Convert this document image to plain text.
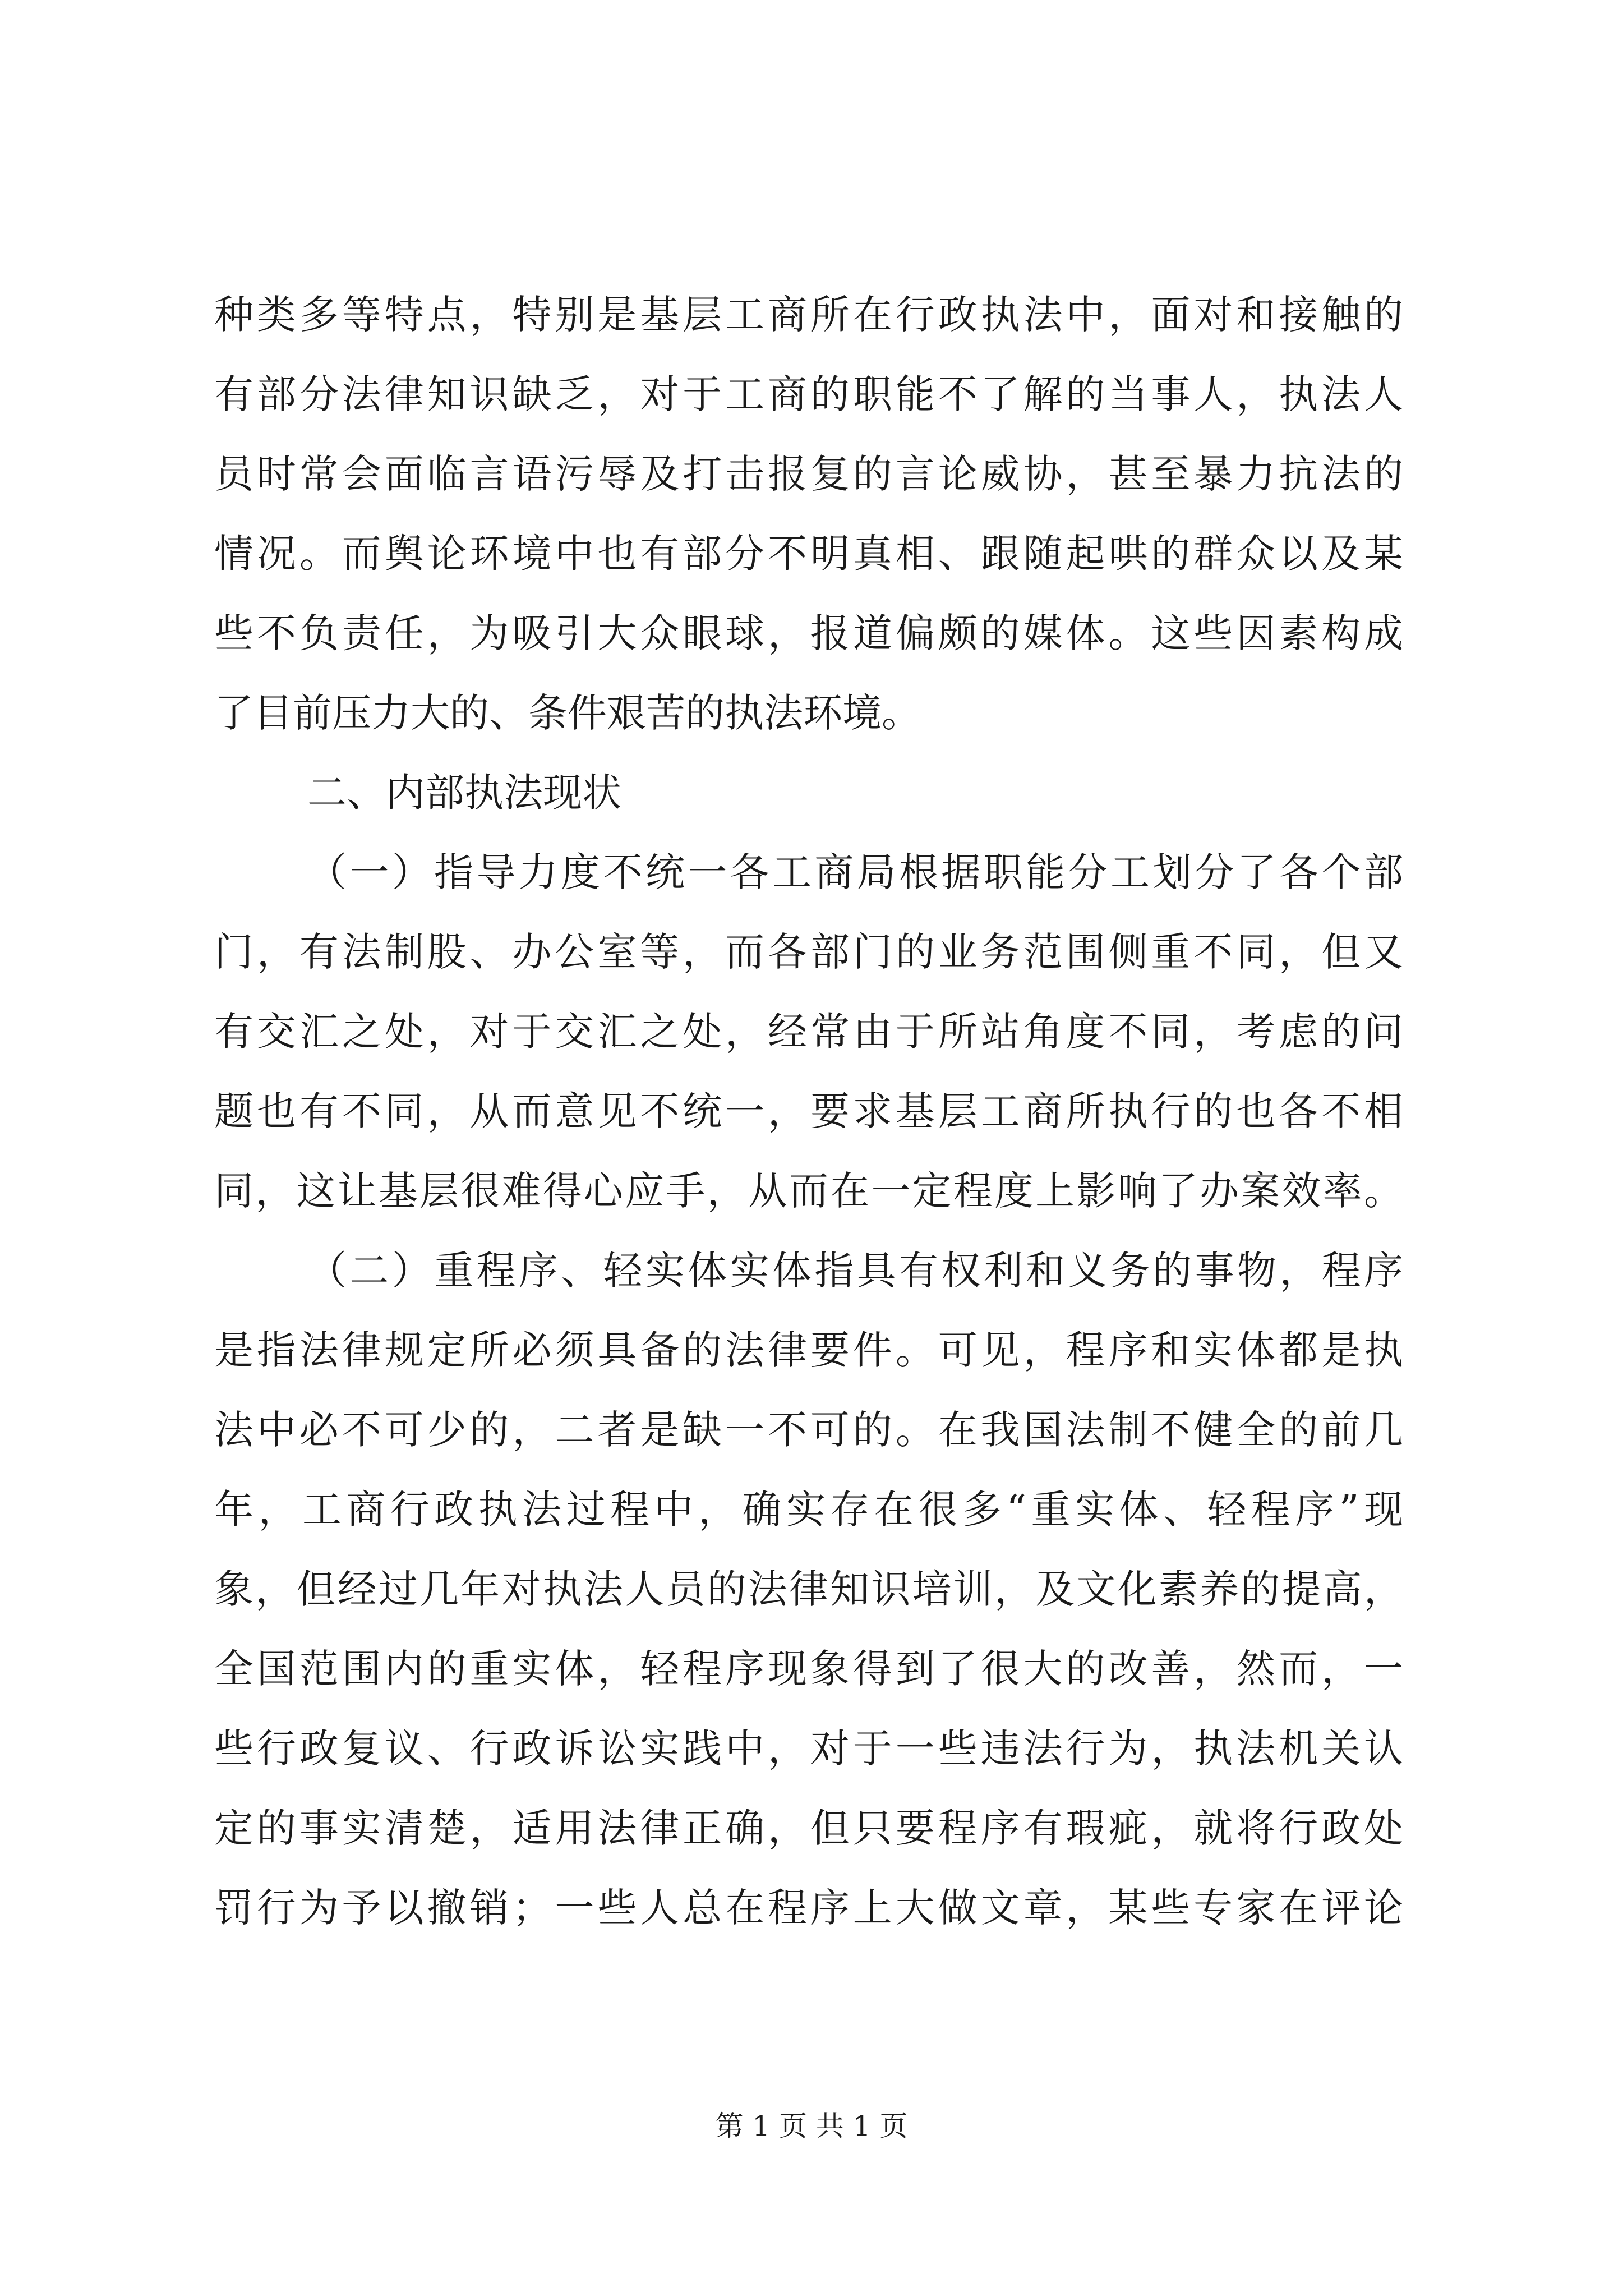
种类多等特点，特别是基层工商所在行政执法中，面对和接触的
有部分法律知识缺乏，对于工商的职能不了解的当事人，执法人
员时常会面临言语污辱及打击报复的言论威协，甚至暴力抗法的
情况。而舆论环境中也有部分不明真相、跟随起哄的群众以及某
些不负责任，为吸引大众眼球，报道偏颇的媒体。这些因素构成
了目前压力大的、条件艰苦的执法环境。
二、内部执法现状
（一）指导力度不统一各工商局根据职能分工划分了各个部
门，有法制股、办公室等，而各部门的业务范围侧重不同，但又
有交汇之处，对于交汇之处，经常由于所站角度不同，考虑的问
题也有不同，从而意见不统一，要求基层工商所执行的也各不相
同，这让基层很难得心应手，从而在一定程度上影响了办案效率。
（二）重程序、轻实体实体指具有权利和义务的事物，程序
是指法律规定所必须具备的法律要件。可见，程序和实体都是执
法中必不可少的，二者是缺一不可的。在我国法制不健全的前几
年，工商行政执法过程中，确实存在很多“重实体、轻程序”现
象，但经过几年对执法人员的法律知识培训，及文化素养的提高，
全国范围内的重实体，轻程序现象得到了很大的改善，然而，一
些行政复议、行政诉讼实践中，对于一些违法行为，执法机关认
定的事实清楚，适用法律正确，但只要程序有瑕疵，就将行政处
罚行为予以撤销；一些人总在程序上大做文章，某些专家在评论
第 1 页 共 1 页
